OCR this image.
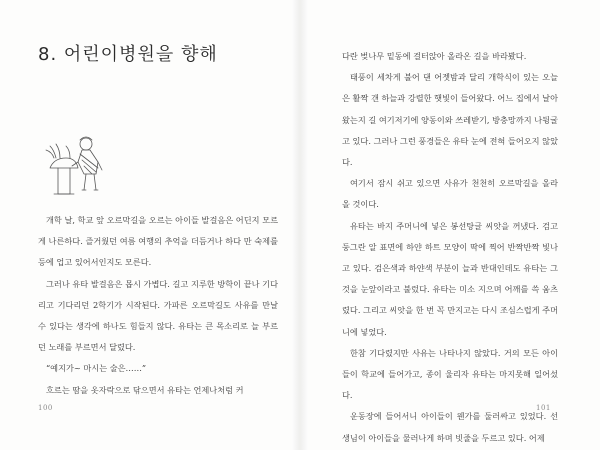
8. 어린이병원을 향해

개학 날, 학교 앞 오르막길을 오르는 아이들 발걸음은 어딘지 모르게 나른하다. 즐거웠던 여름 여행의 추억을 더듬거나 하다 만 숙제를 등에 업고 있어서인지도 모른다.

그러나 유타 발걸음은 몹시 가볍다. 길고 지루한 방학이 끝나 기다리고 기다리던 2학기가 시작된다. 가파른 오르막길도 사유를 만날 수 있다는 생각에 하나도 힘들지 않다. 유타는 큰 목소리로 늘 부르던 노래를 부르면서 달렸다.

“예지가~ 마시는 술은……”

흐르는 땀을 옷자락으로 닦으면서 유타는 언제나처럼 커

100

다란 벚나무 밑동에 걸터앉아 올라온 길을 바라봤다.

태풍이 세차게 불어 댄 어젯밤과 달리 개학식이 있는 오늘은 활짝 갠 하늘과 강렬한 햇빛이 들어왔다. 어느 집에서 날아왔는지 길 여기저기에 양동이와 쓰레받기, 방충망까지 나뒹굴고 있다. 그러나 그런 풍경들은 유타 눈에 전혀 들어오지 않았다.

여기서 잠시 쉬고 있으면 사유가 천천히 오르막길을 올라올 것이다.

유타는 바지 주머니에 넣은 봉선탕글 씨앗을 꺼냈다. 검고 둥그란 알 표면에 하얀 하트 모양이 딱에 찍어 반짝반짝 빛나고 있다. 검은색과 하얀색 부분이 늘과 반대인데도 유타는 그것을 눈앞이라고 불렀다. 유타는 미소 지으며 어깨를 쓱 움츠렸다. 그리고 씨앗을 한 번 꼭 만지고는 다시 조심스럽게 주머니에 넣었다.

한참 기다렸지만 사유는 나타나지 않았다. 거의 모든 아이들이 학교에 들어가고, 종이 울리자 유타는 마지못해 일어섰다.

운동장에 들어서니 아이들이 웬가를 둘러싸고 있었다. 선생님이 아이들을 물러나게 하며 빗줄을 두르고 있다. 어제

101
